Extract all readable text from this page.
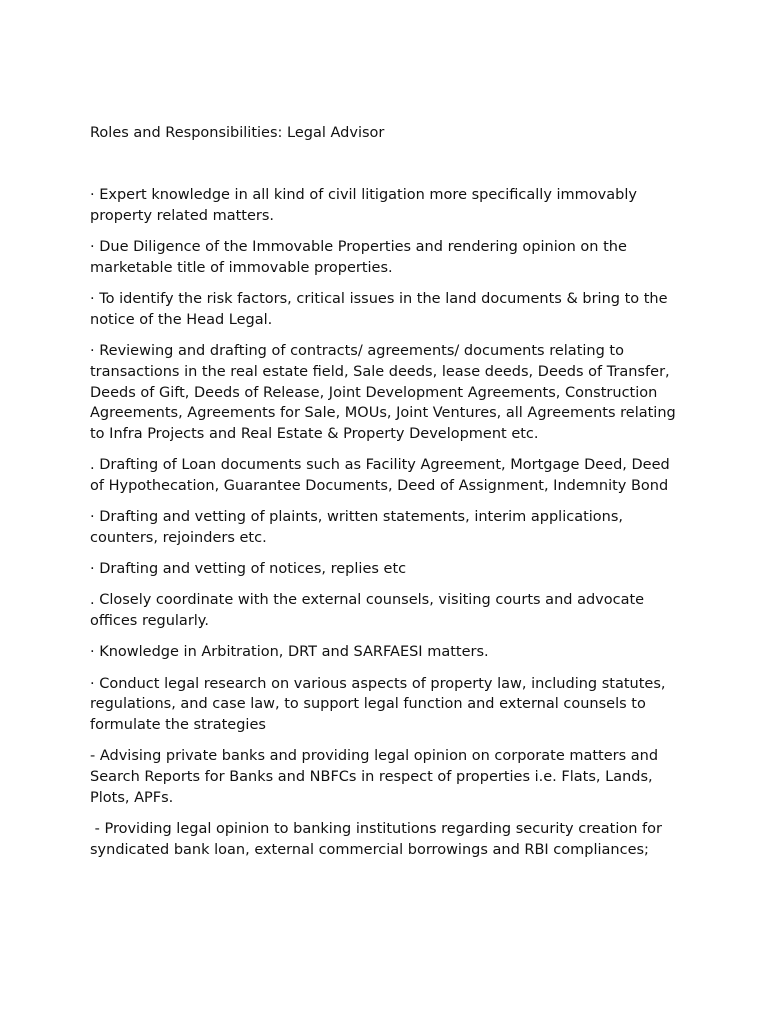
Roles and Responsibilities: Legal Advisor

· Expert knowledge in all kind of civil litigation more specifically immovably property related matters.

· Due Diligence of the Immovable Properties and rendering opinion on the marketable title of immovable properties.

· To identify the risk factors, critical issues in the land documents & bring to the notice of the Head Legal.

· Reviewing and drafting of contracts/ agreements/ documents relating to transactions in the real estate field, Sale deeds, lease deeds, Deeds of Transfer, Deeds of Gift, Deeds of Release, Joint Development Agreements, Construction Agreements, Agreements for Sale, MOUs, Joint Ventures, all Agreements relating to Infra Projects and Real Estate & Property Development etc.

. Drafting of Loan documents such as Facility Agreement, Mortgage Deed, Deed of Hypothecation, Guarantee Documents, Deed of Assignment, Indemnity Bond

· Drafting and vetting of plaints, written statements, interim applications, counters, rejoinders etc.

· Drafting and vetting of notices, replies etc

. Closely coordinate with the external counsels, visiting courts and advocate offices regularly.

· Knowledge in Arbitration, DRT and SARFAESI matters.

· Conduct legal research on various aspects of property law, including statutes, regulations, and case law, to support legal function and external counsels to formulate the strategies

- Advising private banks and providing legal opinion on corporate matters and Search Reports for Banks and NBFCs in respect of properties i.e. Flats, Lands, Plots, APFs.

- Providing legal opinion to banking institutions regarding security creation for syndicated bank loan, external commercial borrowings and RBI compliances;
